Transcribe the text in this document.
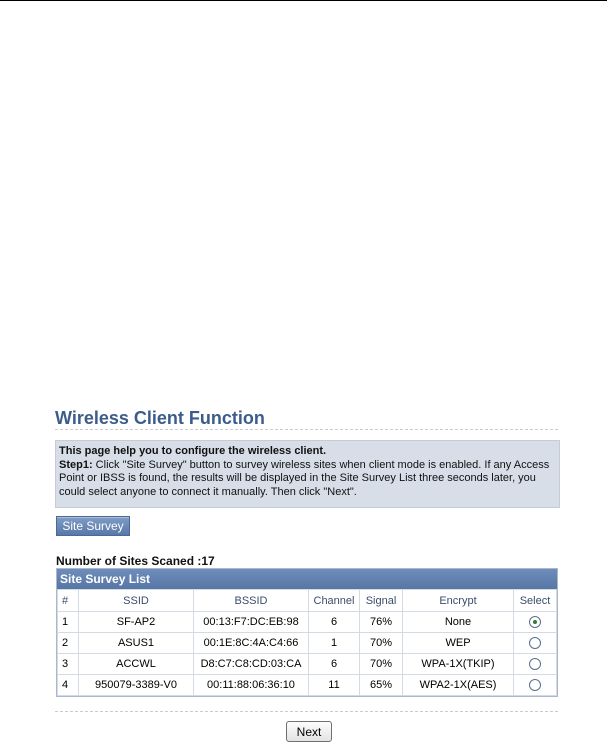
Wireless Client Function
This page help you to configure the wireless client.
Step1: Click "Site Survey" button to survey wireless sites when client mode is enabled. If any Access Point or IBSS is found, the results will be displayed in the Site Survey List three seconds later, you could select anyone to connect it manually. Then click "Next".
Site Survey
Number of Sites Scaned :17
Site Survey List
#	SSID	BSSID	Channel	Signal	Encrypt	Select
1	SF-AP2	00:13:F7:DC:EB:98	6	76%	None	
2	ASUS1	00:1E:8C:4A:C4:66	1	70%	WEP	
3	ACCWL	D8:C7:C8:CD:03:CA	6	70%	WPA-1X(TKIP)	
4	950079-3389-V0	00:11:88:06:36:10	11	65%	WPA2-1X(AES)	
Next
